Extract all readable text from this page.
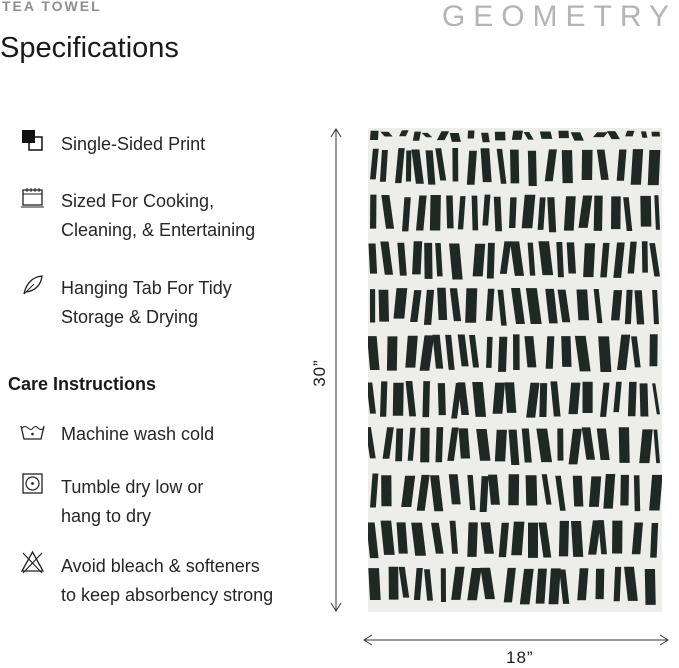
TEA TOWEL	GEOMETRY
Specifications
Single-Sided Print
Sized For Cooking,
Cleaning, & Entertaining
Hanging Tab For Tidy
Storage & Drying
Care Instructions
Machine wash cold
Tumble dry low or
hang to dry
Avoid bleach & softeners
to keep absorbency strong
30”
18”
